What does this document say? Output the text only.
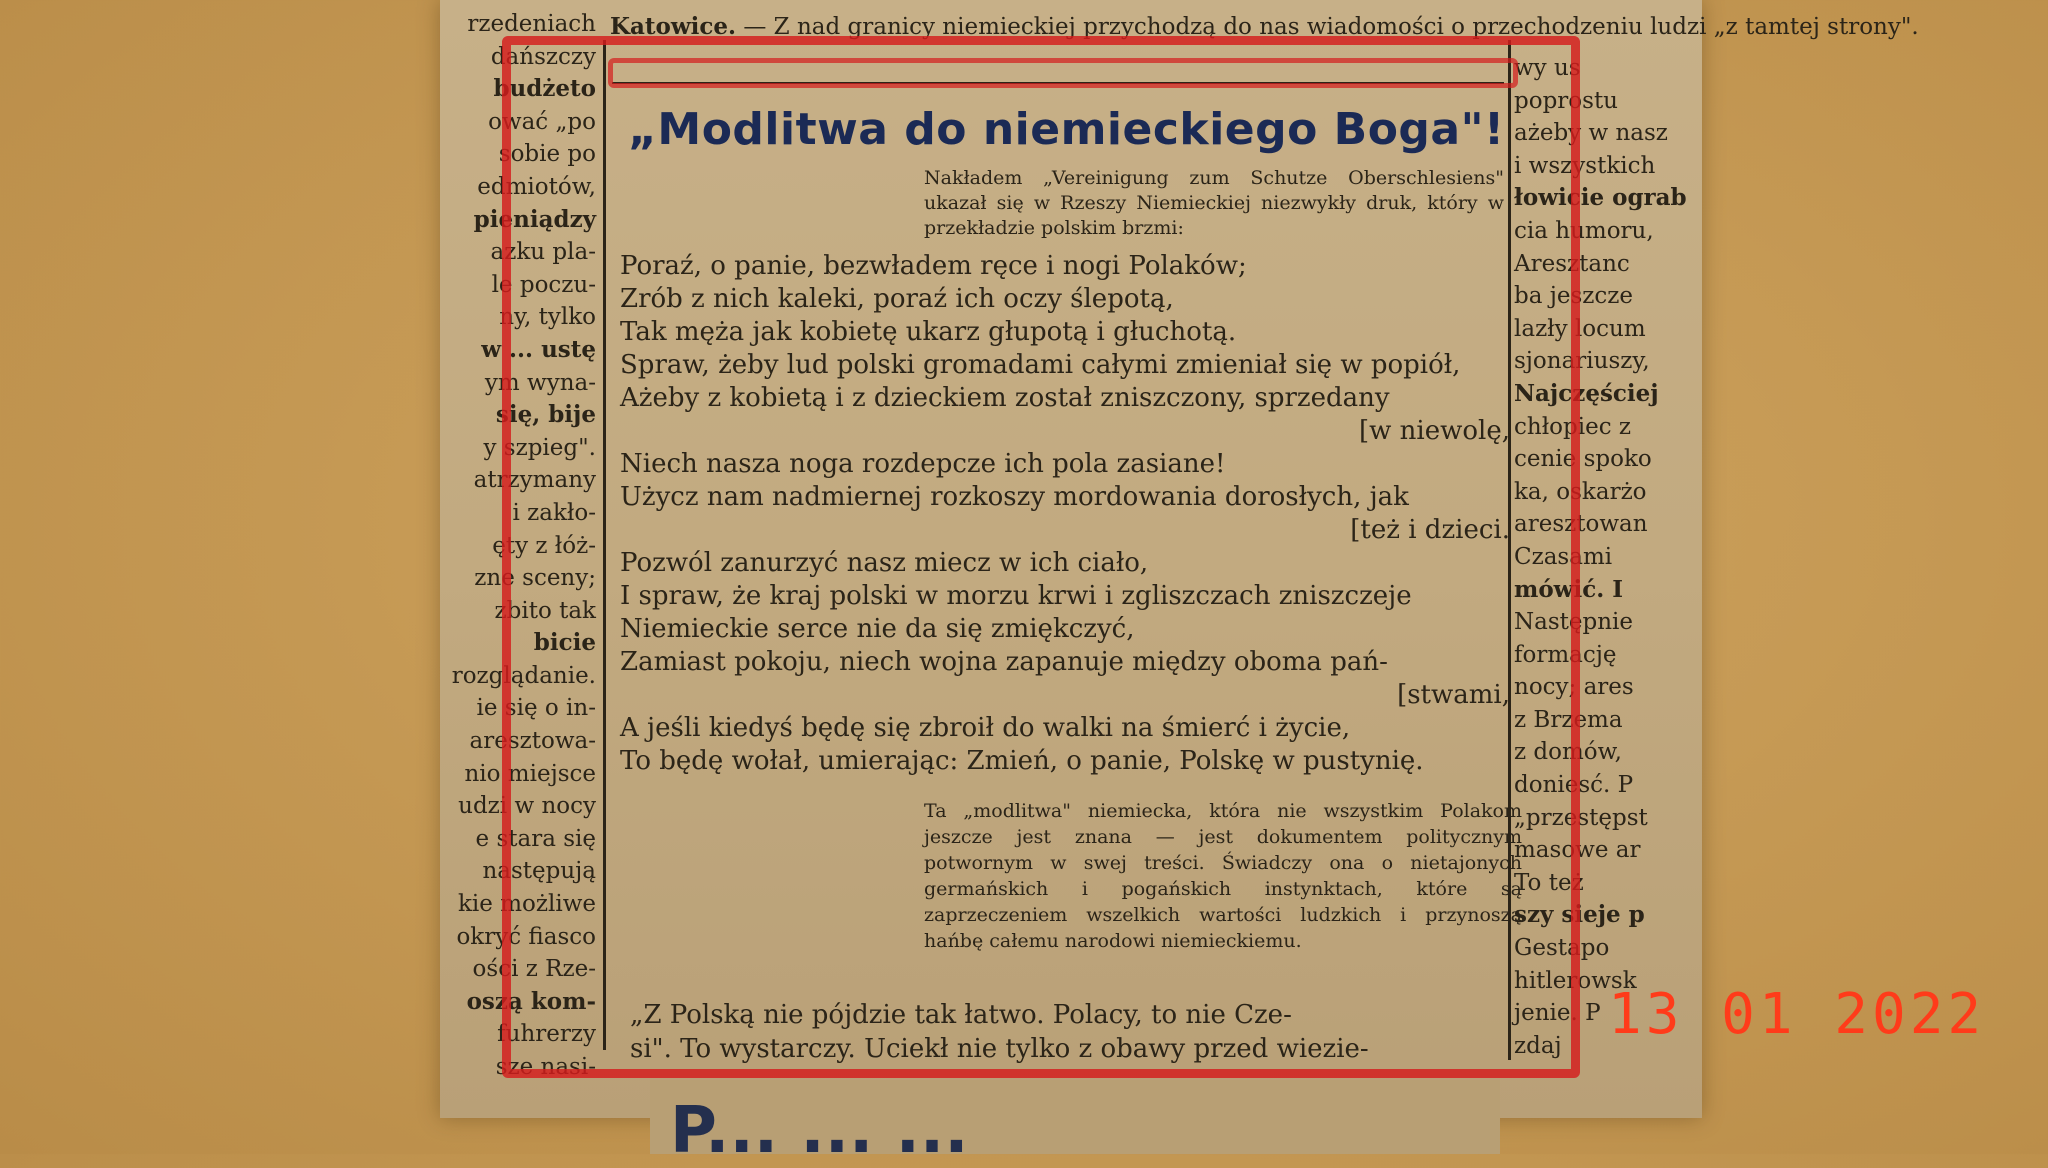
rzedeniach
dańszczy
budżeto
ować „po
sobie po
edmiotów,
pieniądzy
azku pla-
le poczu-
ny, tylko
w ... ustę
ym wyna-
się, bije
y szpieg".
atrzymany
i zakło-
ęty z łóż-
zne sceny;
zbito tak
bicie
rozglądanie.
ie się o in-
aresztowa-
nio miejsce
udzi w nocy
e stara się
następują
kie możliwe
okryć fiasco
ości z Rze-
oszą kom-
fuhrerzy
sze nasi-
wy us
poprostu
ażeby w nasz
i wszystkich
łowicie ograb
cia humoru,
Aresztanc
ba jeszcze
lazły locum
sjonariuszy,
Najczęściej
chłopiec z
cenie spoko
ka, oskarżo
aresztowan
Czasami
mówić. I
Następnie
formację
nocy; ares
z Brzema
z domów,
doniesć. P
„przestępst
masowe ar
To też
szy sieje p
Gestapo
hitlerowsk
jenie. P
zdaj
Katowice. — Z nad granicy niemieckiej przychodzą do nas wiadomości o przechodzeniu ludzi „z tamtej strony".
„Modlitwa do niemieckiego Boga"!
Nakładem „Vereinigung zum Schutze Oberschlesiens" ukazał się w Rzeszy Niemieckiej niezwykły druk, który w przekładzie polskim brzmi:
Poraź, o panie, bezwładem ręce i nogi Polaków;
Zrób z nich kaleki, poraź ich oczy ślepotą,
Tak męża jak kobietę ukarz głupotą i głuchotą.
Spraw, żeby lud polski gromadami całymi zmieniał się w popiół,
Ażeby z kobietą i z dzieckiem został zniszczony, sprzedany
[w niewolę,
Niech nasza noga rozdepcze ich pola zasiane!
Użycz nam nadmiernej rozkoszy mordowania dorosłych, jak
[też i dzieci.
Pozwól zanurzyć nasz miecz w ich ciało,
I spraw, że kraj polski w morzu krwi i zgliszczach zniszczeje
Niemieckie serce nie da się zmiękczyć,
Zamiast pokoju, niech wojna zapanuje między oboma pań-
[stwami,
A jeśli kiedyś będę się zbroił do walki na śmierć i życie,
To będę wołał, umierając: Zmień, o panie, Polskę w pustynię.
Ta „modlitwa" niemiecka, która nie wszystkim Polakom jeszcze jest znana — jest dokumentem politycznym potwornym w swej treści. Świadczy ona o nietajonych germańskich i pogańskich instynktach, które są zaprzeczeniem wszelkich wartości ludzkich i przynoszą hańbę całemu narodowi niemieckiemu.
„Z Polską nie pójdzie tak łatwo. Polacy, to nie Cze-
si". To wystarczy. Uciekł nie tylko z obawy przed wiezie-
P... ... ...
13 01 2022
